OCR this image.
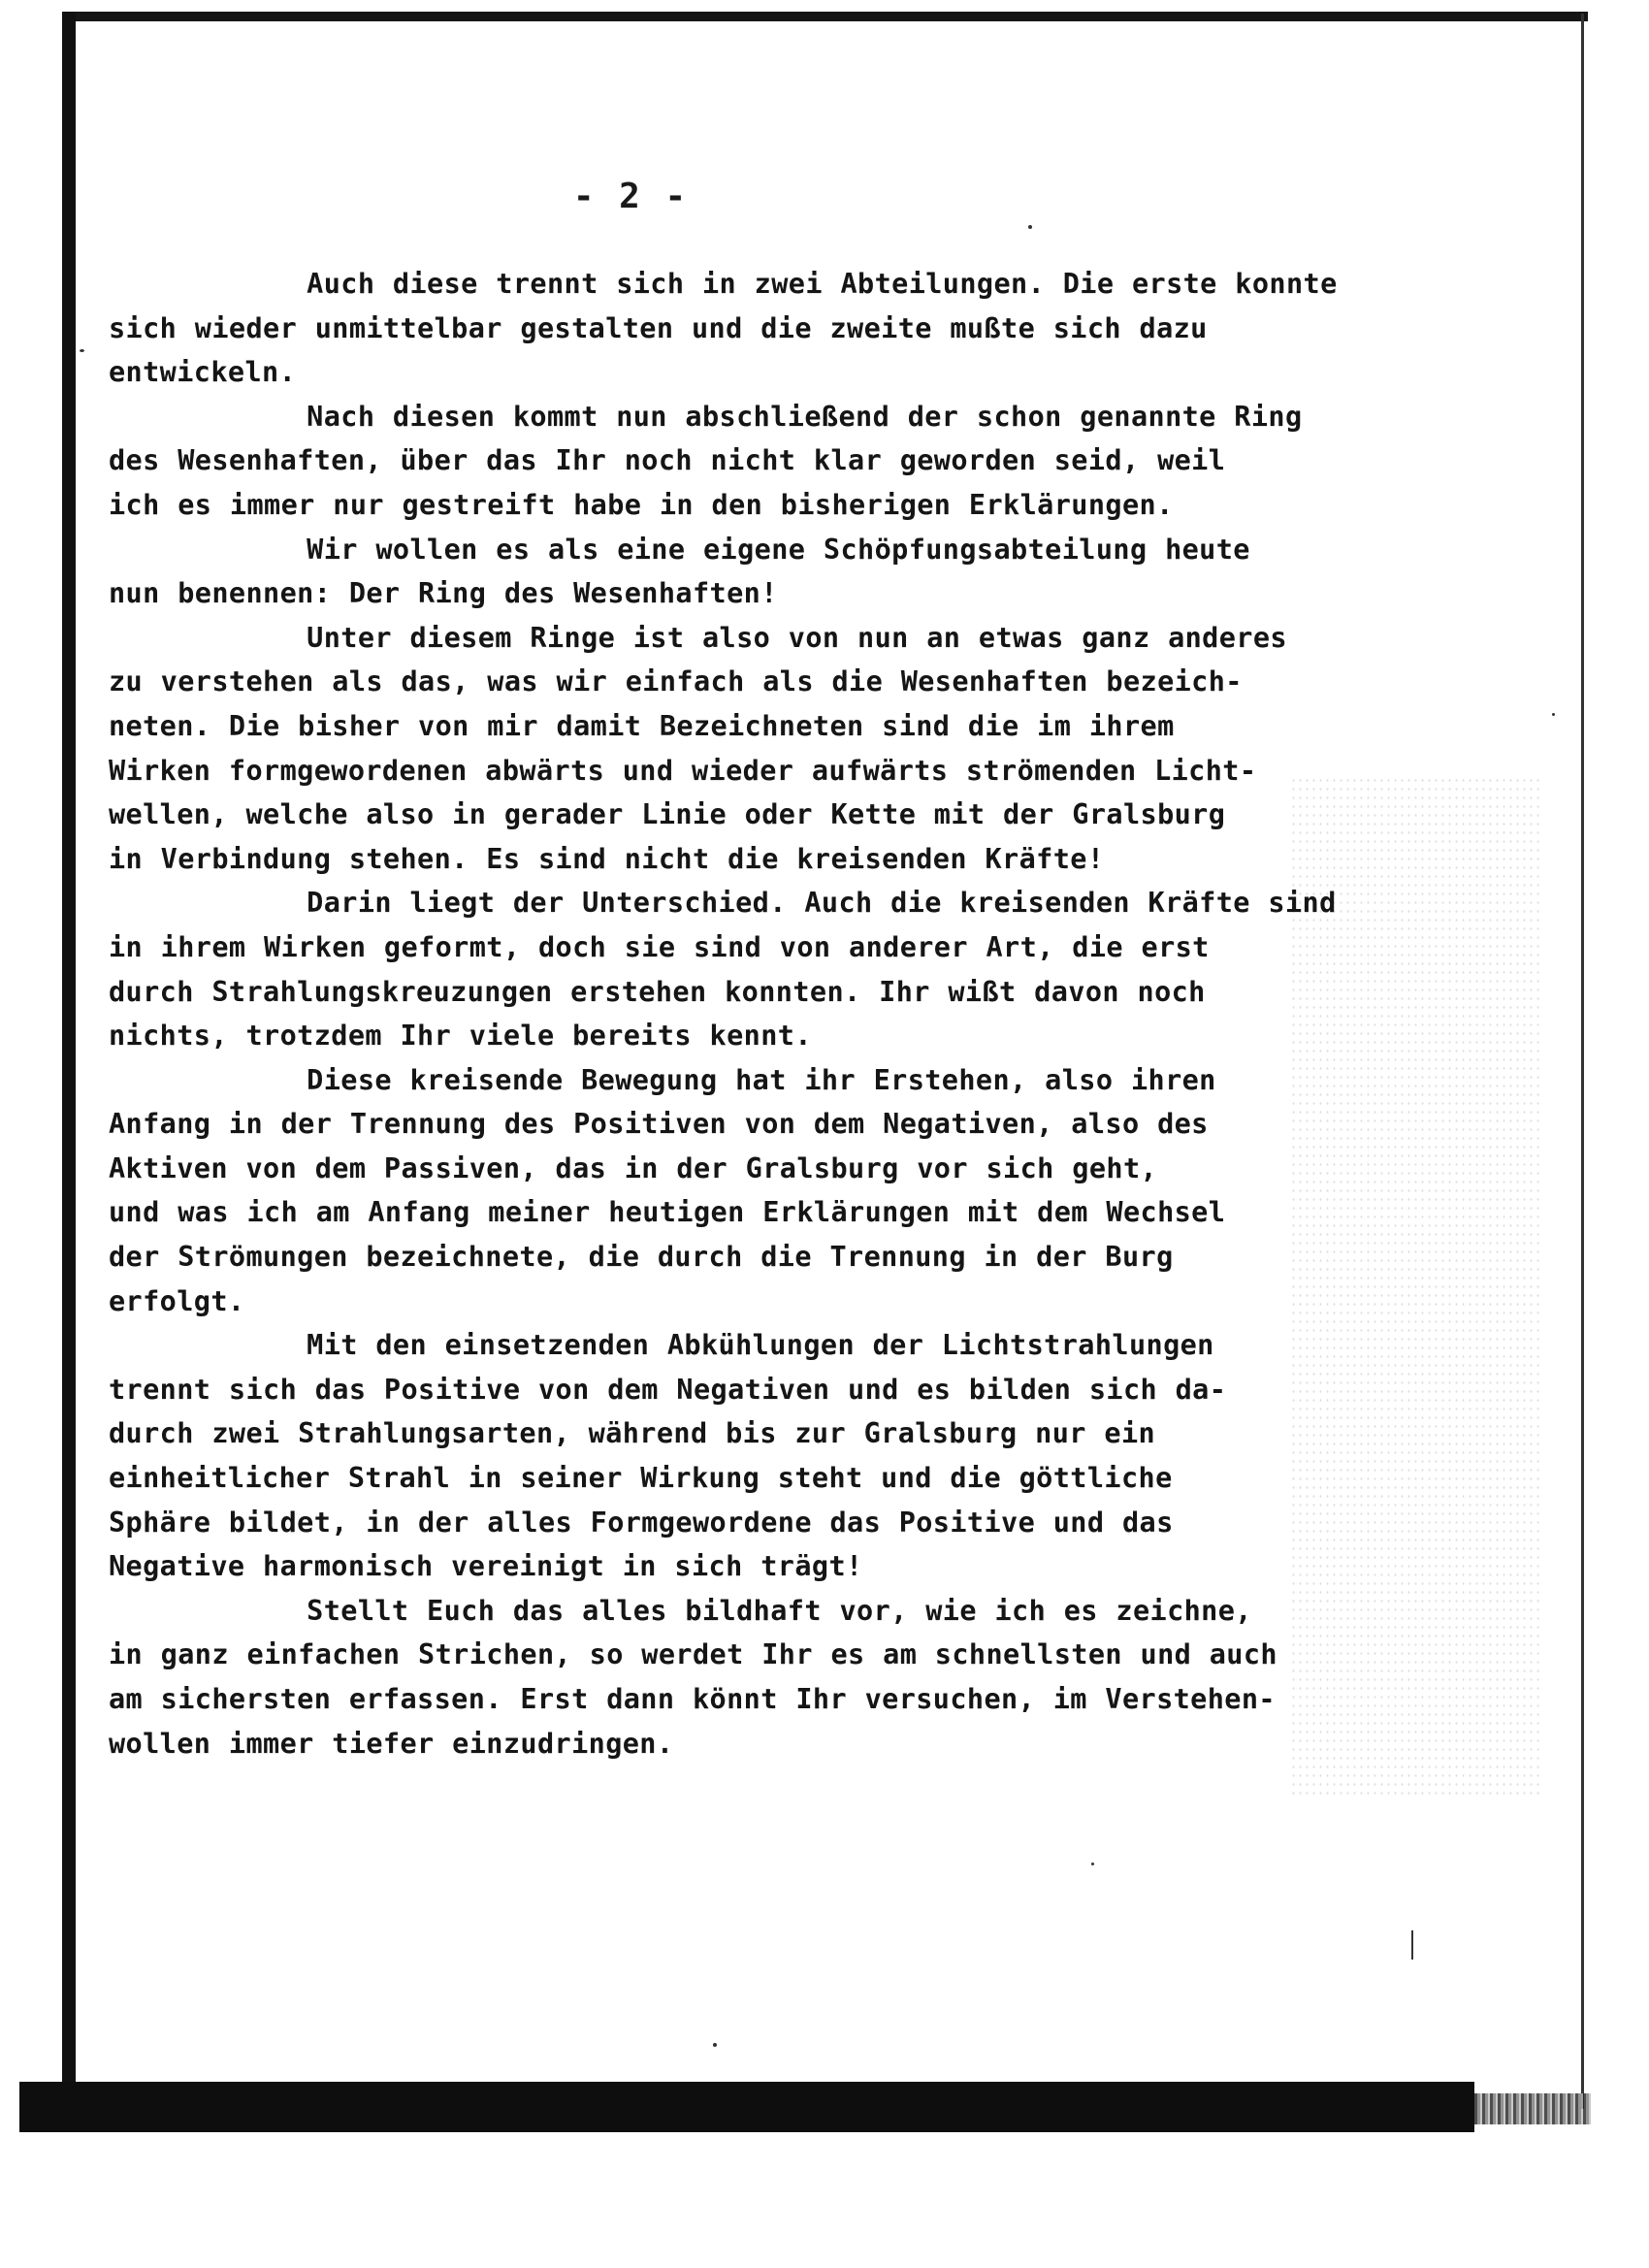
- 2 -
Auch diese trennt sich in zwei Abteilungen. Die erste konnte
sich wieder unmittelbar gestalten und die zweite mußte sich dazu
entwickeln.
Nach diesen kommt nun abschließend der schon genannte Ring
des Wesenhaften, über das Ihr noch nicht klar geworden seid, weil
ich es immer nur gestreift habe in den bisherigen Erklärungen.
Wir wollen es als eine eigene Schöpfungsabteilung heute
nun benennen: Der Ring des Wesenhaften!
Unter diesem Ringe ist also von nun an etwas ganz anderes
zu verstehen als das, was wir einfach als die Wesenhaften bezeich-
neten. Die bisher von mir damit Bezeichneten sind die im ihrem
Wirken formgewordenen abwärts und wieder aufwärts strömenden Licht-
wellen, welche also in gerader Linie oder Kette mit der Gralsburg
in Verbindung stehen. Es sind nicht die kreisenden Kräfte!
Darin liegt der Unterschied. Auch die kreisenden Kräfte sind
in ihrem Wirken geformt, doch sie sind von anderer Art, die erst
durch Strahlungskreuzungen erstehen konnten. Ihr wißt davon noch
nichts, trotzdem Ihr viele bereits kennt.
Diese kreisende Bewegung hat ihr Erstehen, also ihren
Anfang in der Trennung des Positiven von dem Negativen, also des
Aktiven von dem Passiven, das in der Gralsburg vor sich geht,
und was ich am Anfang meiner heutigen Erklärungen mit dem Wechsel
der Strömungen bezeichnete, die durch die Trennung in der Burg
erfolgt.
Mit den einsetzenden Abkühlungen der Lichtstrahlungen
trennt sich das Positive von dem Negativen und es bilden sich da-
durch zwei Strahlungsarten, während bis zur Gralsburg nur ein
einheitlicher Strahl in seiner Wirkung steht und die göttliche
Sphäre bildet, in der alles Formgewordene das Positive und das
Negative harmonisch vereinigt in sich trägt!
Stellt Euch das alles bildhaft vor, wie ich es zeichne,
in ganz einfachen Strichen, so werdet Ihr es am schnellsten und auch
am sichersten erfassen. Erst dann könnt Ihr versuchen, im Verstehen-
wollen immer tiefer einzudringen.
